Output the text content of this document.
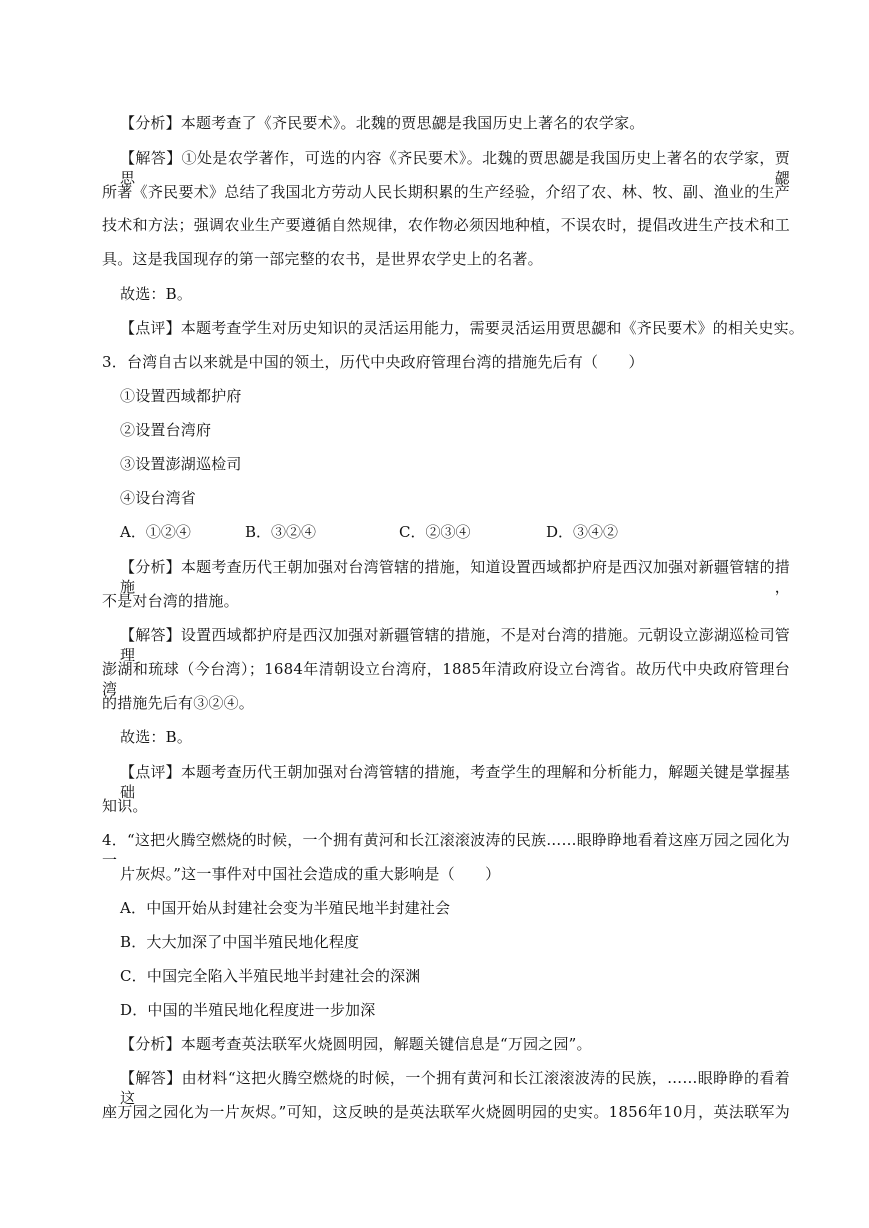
【分析】本题考查了《齐民要术》。北魏的贾思勰是我国历史上著名的农学家。
【解答】①处是农学著作，可选的内容《齐民要术》。北魏的贾思勰是我国历史上著名的农学家，贾思勰
所著《齐民要术》总结了我国北方劳动人民长期积累的生产经验，介绍了农、林、牧、副、渔业的生产
技术和方法；强调农业生产要遵循自然规律，农作物必须因地种植，不误农时，提倡改进生产技术和工
具。这是我国现存的第一部完整的农书，是世界农学史上的名著。
故选：B。
【点评】本题考查学生对历史知识的灵活运用能力，需要灵活运用贾思勰和《齐民要术》的相关史实。
3．台湾自古以来就是中国的领土，历代中央政府管理台湾的措施先后有（　　）
①设置西域都护府
②设置台湾府
③设置澎湖巡检司
④设台湾省
A．①②④	B．③②④	C．②③④	D．③④②
【分析】本题考查历代王朝加强对台湾管辖的措施，知道设置西域都护府是西汉加强对新疆管辖的措施，
不是对台湾的措施。
【解答】设置西域都护府是西汉加强对新疆管辖的措施，不是对台湾的措施。元朝设立澎湖巡检司管理
澎湖和琉球（今台湾）；1684年清朝设立台湾府，1885年清政府设立台湾省。故历代中央政府管理台湾
的措施先后有③②④。
故选：B。
【点评】本题考查历代王朝加强对台湾管辖的措施，考查学生的理解和分析能力，解题关键是掌握基础
知识。
4．“这把火腾空燃烧的时候，一个拥有黄河和长江滚滚波涛的民族……眼睁睁地看着这座万园之园化为一
片灰烬。”这一事件对中国社会造成的重大影响是（　　）
A．中国开始从封建社会变为半殖民地半封建社会
B．大大加深了中国半殖民地化程度
C．中国完全陷入半殖民地半封建社会的深渊
D．中国的半殖民地化程度进一步加深
【分析】本题考查英法联军火烧圆明园，解题关键信息是“万园之园”。
【解答】由材料“这把火腾空燃烧的时候，一个拥有黄河和长江滚滚波涛的民族，……眼睁睁的看着这
座万园之园化为一片灰烬。”可知，这反映的是英法联军火烧圆明园的史实。1856年10月，英法联军为
